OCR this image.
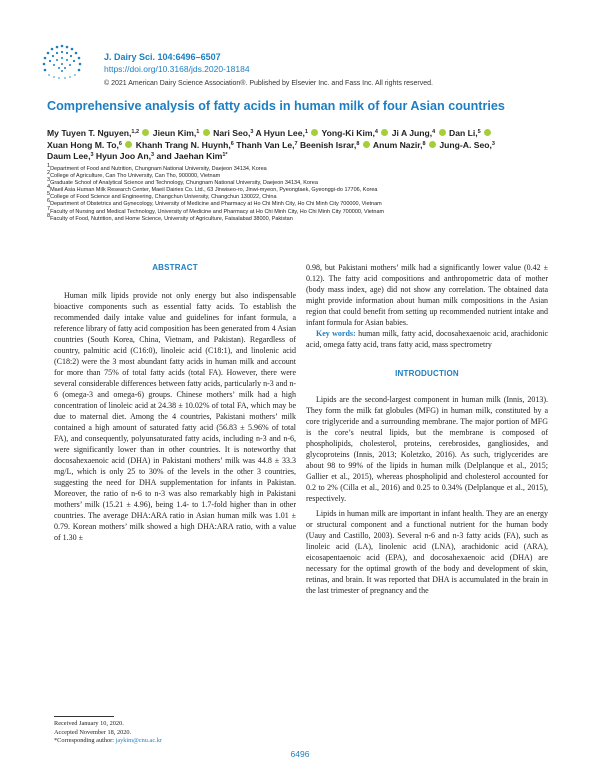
J. Dairy Sci. 104:6496–6507
https://doi.org/10.3168/jds.2020-18184
© 2021 American Dairy Science Association®. Published by Elsevier Inc. and Fass Inc. All rights reserved.
Comprehensive analysis of fatty acids in human milk of four Asian countries
My Tuyen T. Nguyen,$^{1,2}$ Jieun Kim,$^1$ Nari Seo,$^3$ A Hyun Lee,$^1$ Yong-Ki Kim,$^4$ Ji A Jung,$^4$ Dan Li,$^5$
Xuan Hong M. To,$^6$ Khanh Trang N. Huynh,$^6$ Thanh Van Le,$^7$ Beenish Israr,$^8$ Anum Nazir,$^8$ Jung-A. Seo,$^3$
Daum Lee,$^3$ Hyun Joo An,$^3$ and Jaehan Kim$^{1*}$
$^1$Department of Food and Nutrition, Chungnam National University, Daejeon 34134, Korea
$^2$College of Agriculture, Can Tho University, Can Tho, 900000, Vietnam
$^3$Graduate School of Analytical Science and Technology, Chungnam National University, Daejeon 34134, Korea
$^4$Maeil Asia Human Milk Research Center, Maeil Dairies Co. Ltd., 63 Jinwiseo-ro, Jinwi-myeon, Pyeongtaek, Gyeonggi-do 17706, Korea
$^5$College of Food Science and Engineering, Changchun University, Changchun 130022, China
$^6$Department of Obstetrics and Gynecology, University of Medicine and Pharmacy at Ho Chi Minh City, Ho Chi Minh City 700000, Vietnam
$^7$Faculty of Nursing and Medical Technology, University of Medicine and Pharmacy at Ho Chi Minh City, Ho Chi Minh City 700000, Vietnam
$^8$Faculty of Food, Nutrition, and Home Science, University of Agriculture, Faisalabad 38000, Pakistan
ABSTRACT

Human milk lipids provide not only energy but also indispensable bioactive components such as essential fatty acids. To establish the recommended daily intake value and guidelines for infant formula, a reference library of fatty acid composition has been generated from 4 Asian countries (South Korea, China, Vietnam, and Pakistan). Regardless of country, palmitic acid (C16:0), linoleic acid (C18:1), and linolenic acid (C18:2) were the 3 most abundant fatty acids in human milk and account for more than 75% of total fatty acids (total FA). However, there were several considerable differences between fatty acids, particularly n-3 and n-6 (omega-3 and omega-6) groups. Chinese mothers’ milk had a high concentration of linoleic acid at 24.38 ± 10.02% of total FA, which may be due to maternal diet. Among the 4 countries, Pakistani mothers’ milk contained a high amount of saturated fatty acid (56.83 ± 5.96% of total FA), and consequently, polyunsaturated fatty acids, including n-3 and n-6, were significantly lower than in other countries. It is noteworthy that docosahexaenoic acid (DHA) in Pakistani mothers’ milk was 44.8 ± 33.3 mg/L, which is only 25 to 30% of the levels in the other 3 countries, suggesting the need for DHA supplementation for infants in Pakistan. Moreover, the ratio of n-6 to n-3 was also remarkably high in Pakistani mothers’ milk (15.21 ± 4.96), being 1.4- to 1.7-fold higher than in other countries. The average DHA:ARA ratio in Asian human milk was 1.01 ± 0.79. Korean mothers’ milk showed a high DHA:ARA ratio, with a value of 1.30 ±

0.98, but Pakistani mothers’ milk had a significantly lower value (0.42 ± 0.12). The fatty acid compositions and anthropometric data of mother (body mass index, age) did not show any correlation. The obtained data might provide information about human milk compositions in the Asian region that could benefit from setting up recommended nutrient intake and infant formula for Asian babies.

Key words: human milk, fatty acid, docosahexaenoic acid, arachidonic acid, omega fatty acid, trans fatty acid, mass spectrometry

INTRODUCTION

Lipids are the second-largest component in human milk (Innis, 2013). They form the milk fat globules (MFG) in human milk, constituted by a core triglyceride and a surrounding membrane. The major portion of MFG is the core’s neutral lipids, but the membrane is composed of phospholipids, cholesterol, proteins, cerebrosides, gangliosides, and glycoproteins (Innis, 2013; Koletzko, 2016). As such, triglycerides are about 98 to 99% of the lipids in human milk (Delplanque et al., 2015; Gallier et al., 2015), whereas phospholipid and cholesterol accounted for 0.2 to 2% (Cilla et al., 2016) and 0.25 to 0.34% (Delplanque et al., 2015), respectively.

Lipids in human milk are important in infant health. They are an energy or structural component and a functional nutrient for the human body (Uauy and Castillo, 2003). Several n-6 and n-3 fatty acids (FA), such as linoleic acid (LA), linolenic acid (LNA), arachidonic acid (ARA), eicosapentaenoic acid (EPA), and docosahexaenoic acid (DHA) are necessary for the optimal growth of the body and development of skin, retinas, and brain. It was reported that DHA is accumulated in the brain in the last trimester of pregnancy and the

Received January 10, 2020.
Accepted November 18, 2020.
*Corresponding author: jaykim@cnu.ac.kr
6496
